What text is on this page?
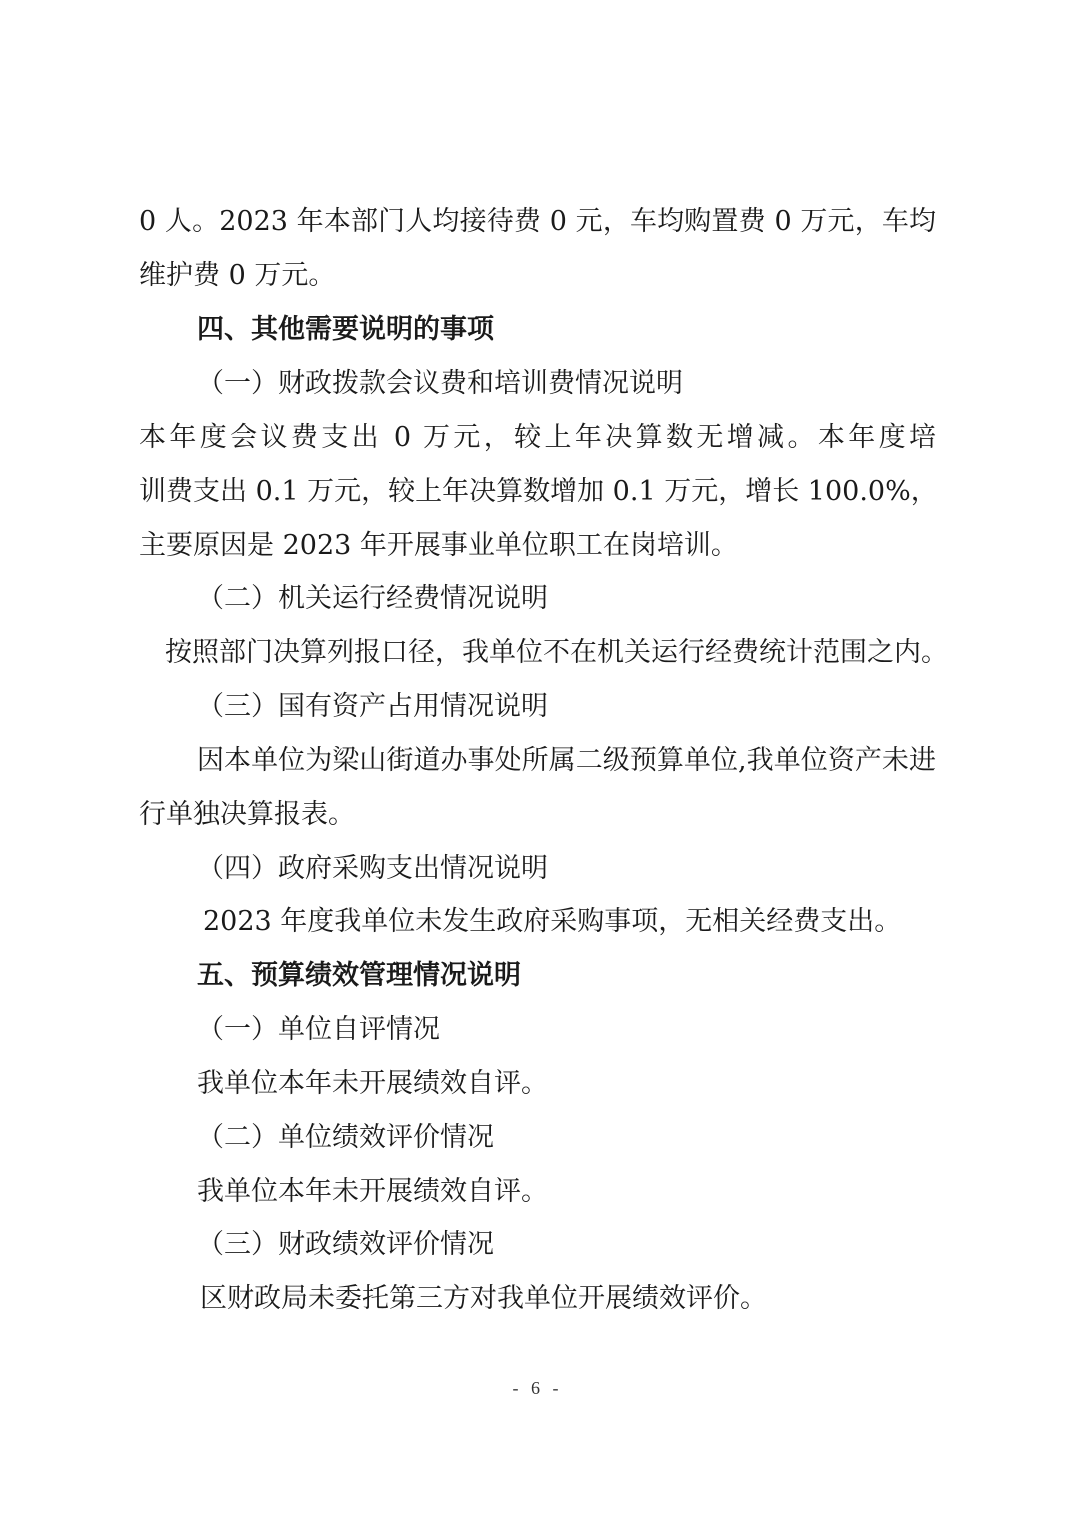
0 人。2023 年本部门人均接待费 0 元，车均购置费 0 万元，车均

维护费 0 万元。

四、其他需要说明的事项

（一）财政拨款会议费和培训费情况说明

本年度会议费支出 0 万元，较上年决算数无增减。本年度培

训费支出 0.1 万元，较上年决算数增加 0.1 万元，增长 100.0%，

主要原因是 2023 年开展事业单位职工在岗培训。

（二）机关运行经费情况说明

按照部门决算列报口径，我单位不在机关运行经费统计范围之内。

（三）国有资产占用情况说明

因本单位为梁山街道办事处所属二级预算单位,我单位资产未进

行单独决算报表。

（四）政府采购支出情况说明

2023 年度我单位未发生政府采购事项，无相关经费支出。

五、预算绩效管理情况说明

（一）单位自评情况

我单位本年未开展绩效自评。

（二）单位绩效评价情况

我单位本年未开展绩效自评。

（三）财政绩效评价情况

区财政局未委托第三方对我单位开展绩效评价。

- 6 -
